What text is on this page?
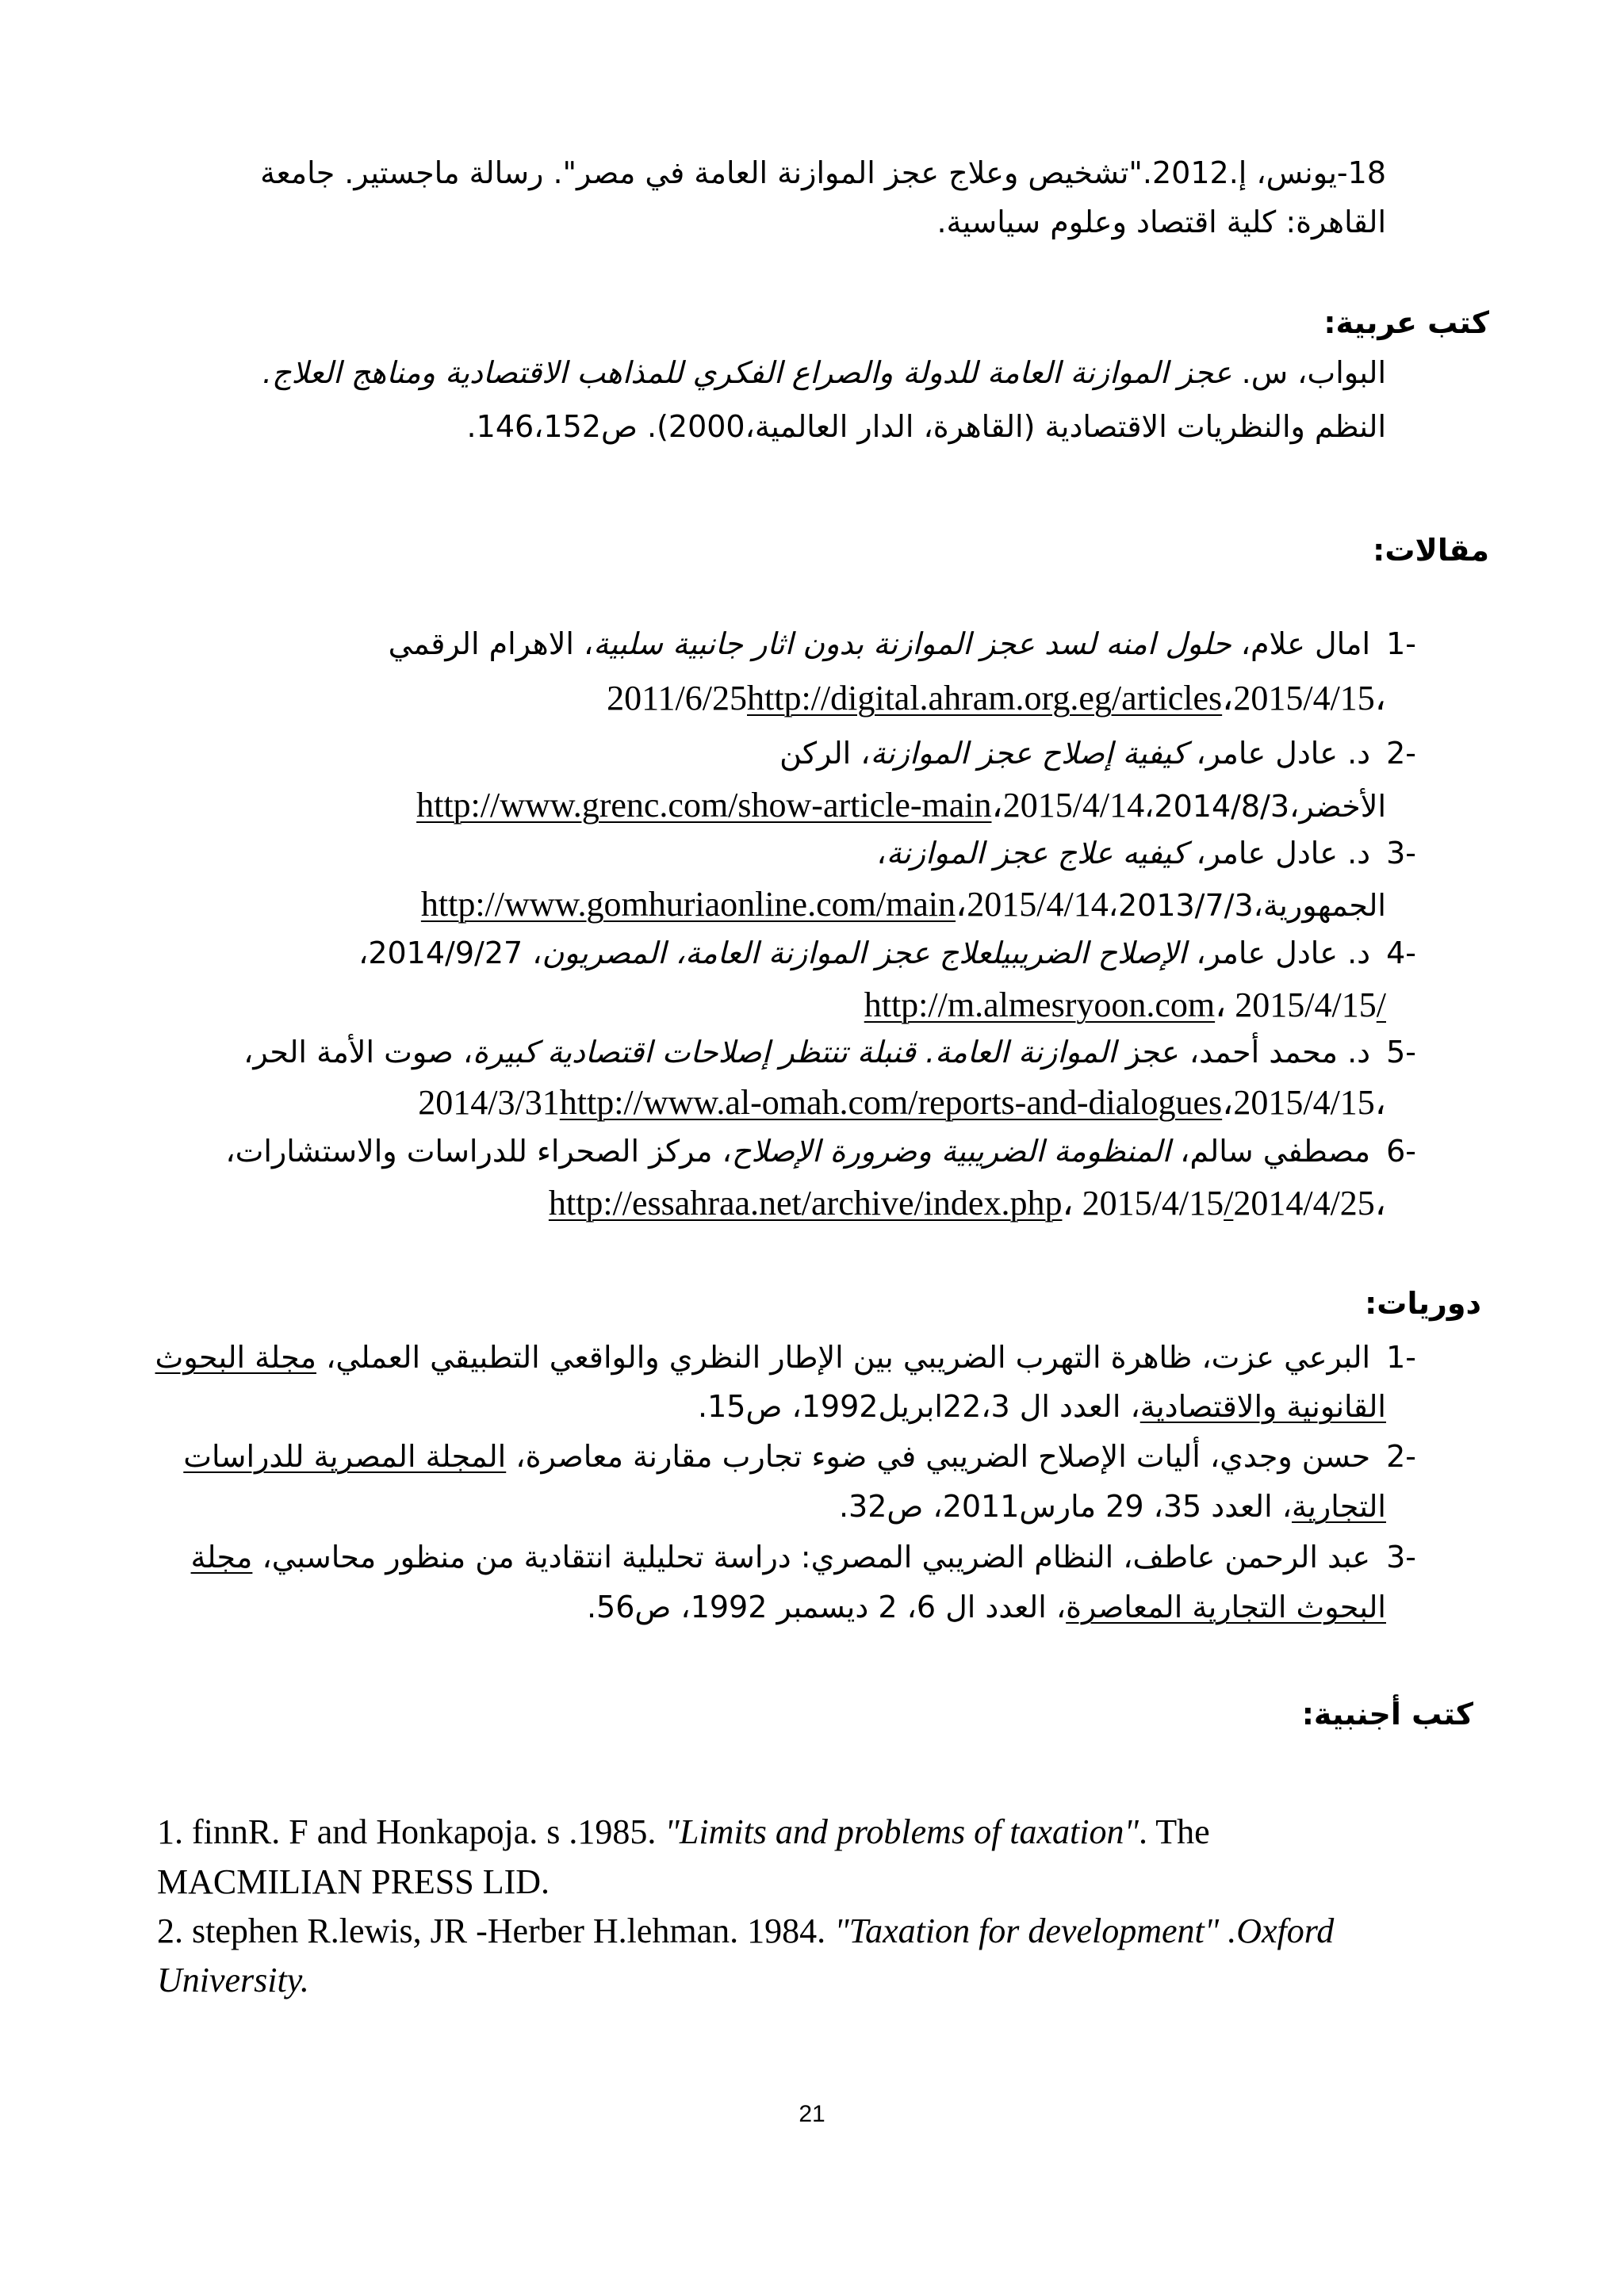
18-يونس، إ.2012."تشخيص وعلاج عجز الموازنة العامة في مصر". رسالة ماجستير. جامعة
القاهرة: كلية اقتصاد وعلوم سياسية.
كتب عربية:
البواب، س. عجز الموازنة العامة للدولة والصراع الفكري للمذاهب الاقتصادية ومناهج العلاج.
النظم والنظريات الاقتصادية (القاهرة، الدار العالمية،2000). ص146،152.
مقالات:
-1امال علام، حلول امنه لسد عجز الموازنة بدون اثار جانبية سلبية، الاهرام الرقمي
،2011/6/25http://digital.ahram.org.eg/articles،2015/4/15
-2د. عادل عامر، كيفية إصلاح عجز الموازنة، الركن
الأخضر،2014/8/3،http://www.grenc.com/show-article-main،2015/4/14
-3د. عادل عامر، كيفيه علاج عجز الموازنة،
الجمهورية،2013/7/3،http://www.gomhuriaonline.com/main،2015/4/14
-4د. عادل عامر، الإصلاح الضريبيلعلاج عجز الموازنة العامة، المصريون، 2014/9/27،
/http://m.almesryoon.com، 2015/4/15
-5د. محمد أحمد، عجز الموازنة العامة. قنبلة تنتظر إصلاحات اقتصادية كبيرة، صوت الأمة الحر،
،2014/3/31http://www.al-omah.com/reports-and-dialogues،2015/4/15
-6مصطفي سالم، المنظومة الضريبية وضرورة الإصلاح، مركز الصحراء للدراسات والاستشارات،
،2014/4/25/http://essahraa.net/archive/index.php، 2015/4/15
دوريات:
-1البرعي عزت، ظاهرة التهرب الضريبي بين الإطار النظري والواقعي التطبيقي العملي، مجلة البحوث
القانونية والاقتصادية، العدد ال 22،3ابريل1992، ص15.
-2حسن وجدي، أليات الإصلاح الضريبي في ضوء تجارب مقارنة معاصرة، المجلة المصرية للدراسات
التجارية، العدد 35، 29 مارس2011، ص32.
-3عبد الرحمن عاطف، النظام الضريبي المصري: دراسة تحليلية انتقادية من منظور محاسبي، مجلة
البحوث التجارية المعاصرة، العدد ال 6، 2 ديسمبر 1992، ص56.
كتب أجنبية:
1. finnR. F and Honkapoja. s .1985. "Limits and problems of taxation". The
MACMILIAN PRESS LID.
2. stephen R.lewis, JR -Herber H.lehman. 1984. "Taxation for development" .Oxford
University.
21
